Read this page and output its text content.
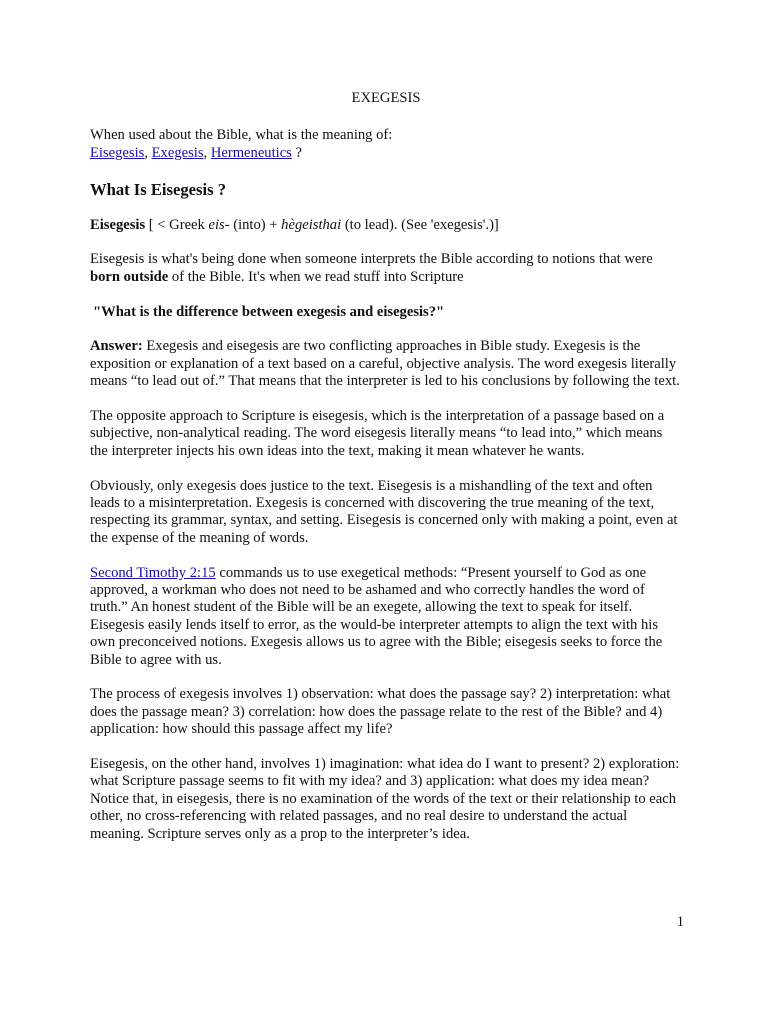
EXEGESIS

When used about the Bible, what is the meaning of:
Eisegesis, Exegesis, Hermeneutics ?

What Is Eisegesis ?

Eisegesis [ < Greek eis- (into) + hègeisthai (to lead). (See 'exegesis'.)]

Eisegesis is what's being done when someone interprets the Bible according to notions that were born outside of the Bible. It's when we read stuff into Scripture

"What is the difference between exegesis and eisegesis?"

Answer: Exegesis and eisegesis are two conflicting approaches in Bible study. Exegesis is the exposition or explanation of a text based on a careful, objective analysis. The word exegesis literally means “to lead out of.” That means that the interpreter is led to his conclusions by following the text.

The opposite approach to Scripture is eisegesis, which is the interpretation of a passage based on a subjective, non-analytical reading. The word eisegesis literally means “to lead into,” which means the interpreter injects his own ideas into the text, making it mean whatever he wants.

Obviously, only exegesis does justice to the text. Eisegesis is a mishandling of the text and often leads to a misinterpretation. Exegesis is concerned with discovering the true meaning of the text, respecting its grammar, syntax, and setting. Eisegesis is concerned only with making a point, even at the expense of the meaning of words.

Second Timothy 2:15 commands us to use exegetical methods: “Present yourself to God as one approved, a workman who does not need to be ashamed and who correctly handles the word of truth.” An honest student of the Bible will be an exegete, allowing the text to speak for itself. Eisegesis easily lends itself to error, as the would-be interpreter attempts to align the text with his own preconceived notions. Exegesis allows us to agree with the Bible; eisegesis seeks to force the Bible to agree with us.

The process of exegesis involves 1) observation: what does the passage say? 2) interpretation: what does the passage mean? 3) correlation: how does the passage relate to the rest of the Bible? and 4) application: how should this passage affect my life?

Eisegesis, on the other hand, involves 1) imagination: what idea do I want to present? 2) exploration: what Scripture passage seems to fit with my idea? and 3) application: what does my idea mean? Notice that, in eisegesis, there is no examination of the words of the text or their relationship to each other, no cross-referencing with related passages, and no real desire to understand the actual meaning. Scripture serves only as a prop to the interpreter’s idea.

1
